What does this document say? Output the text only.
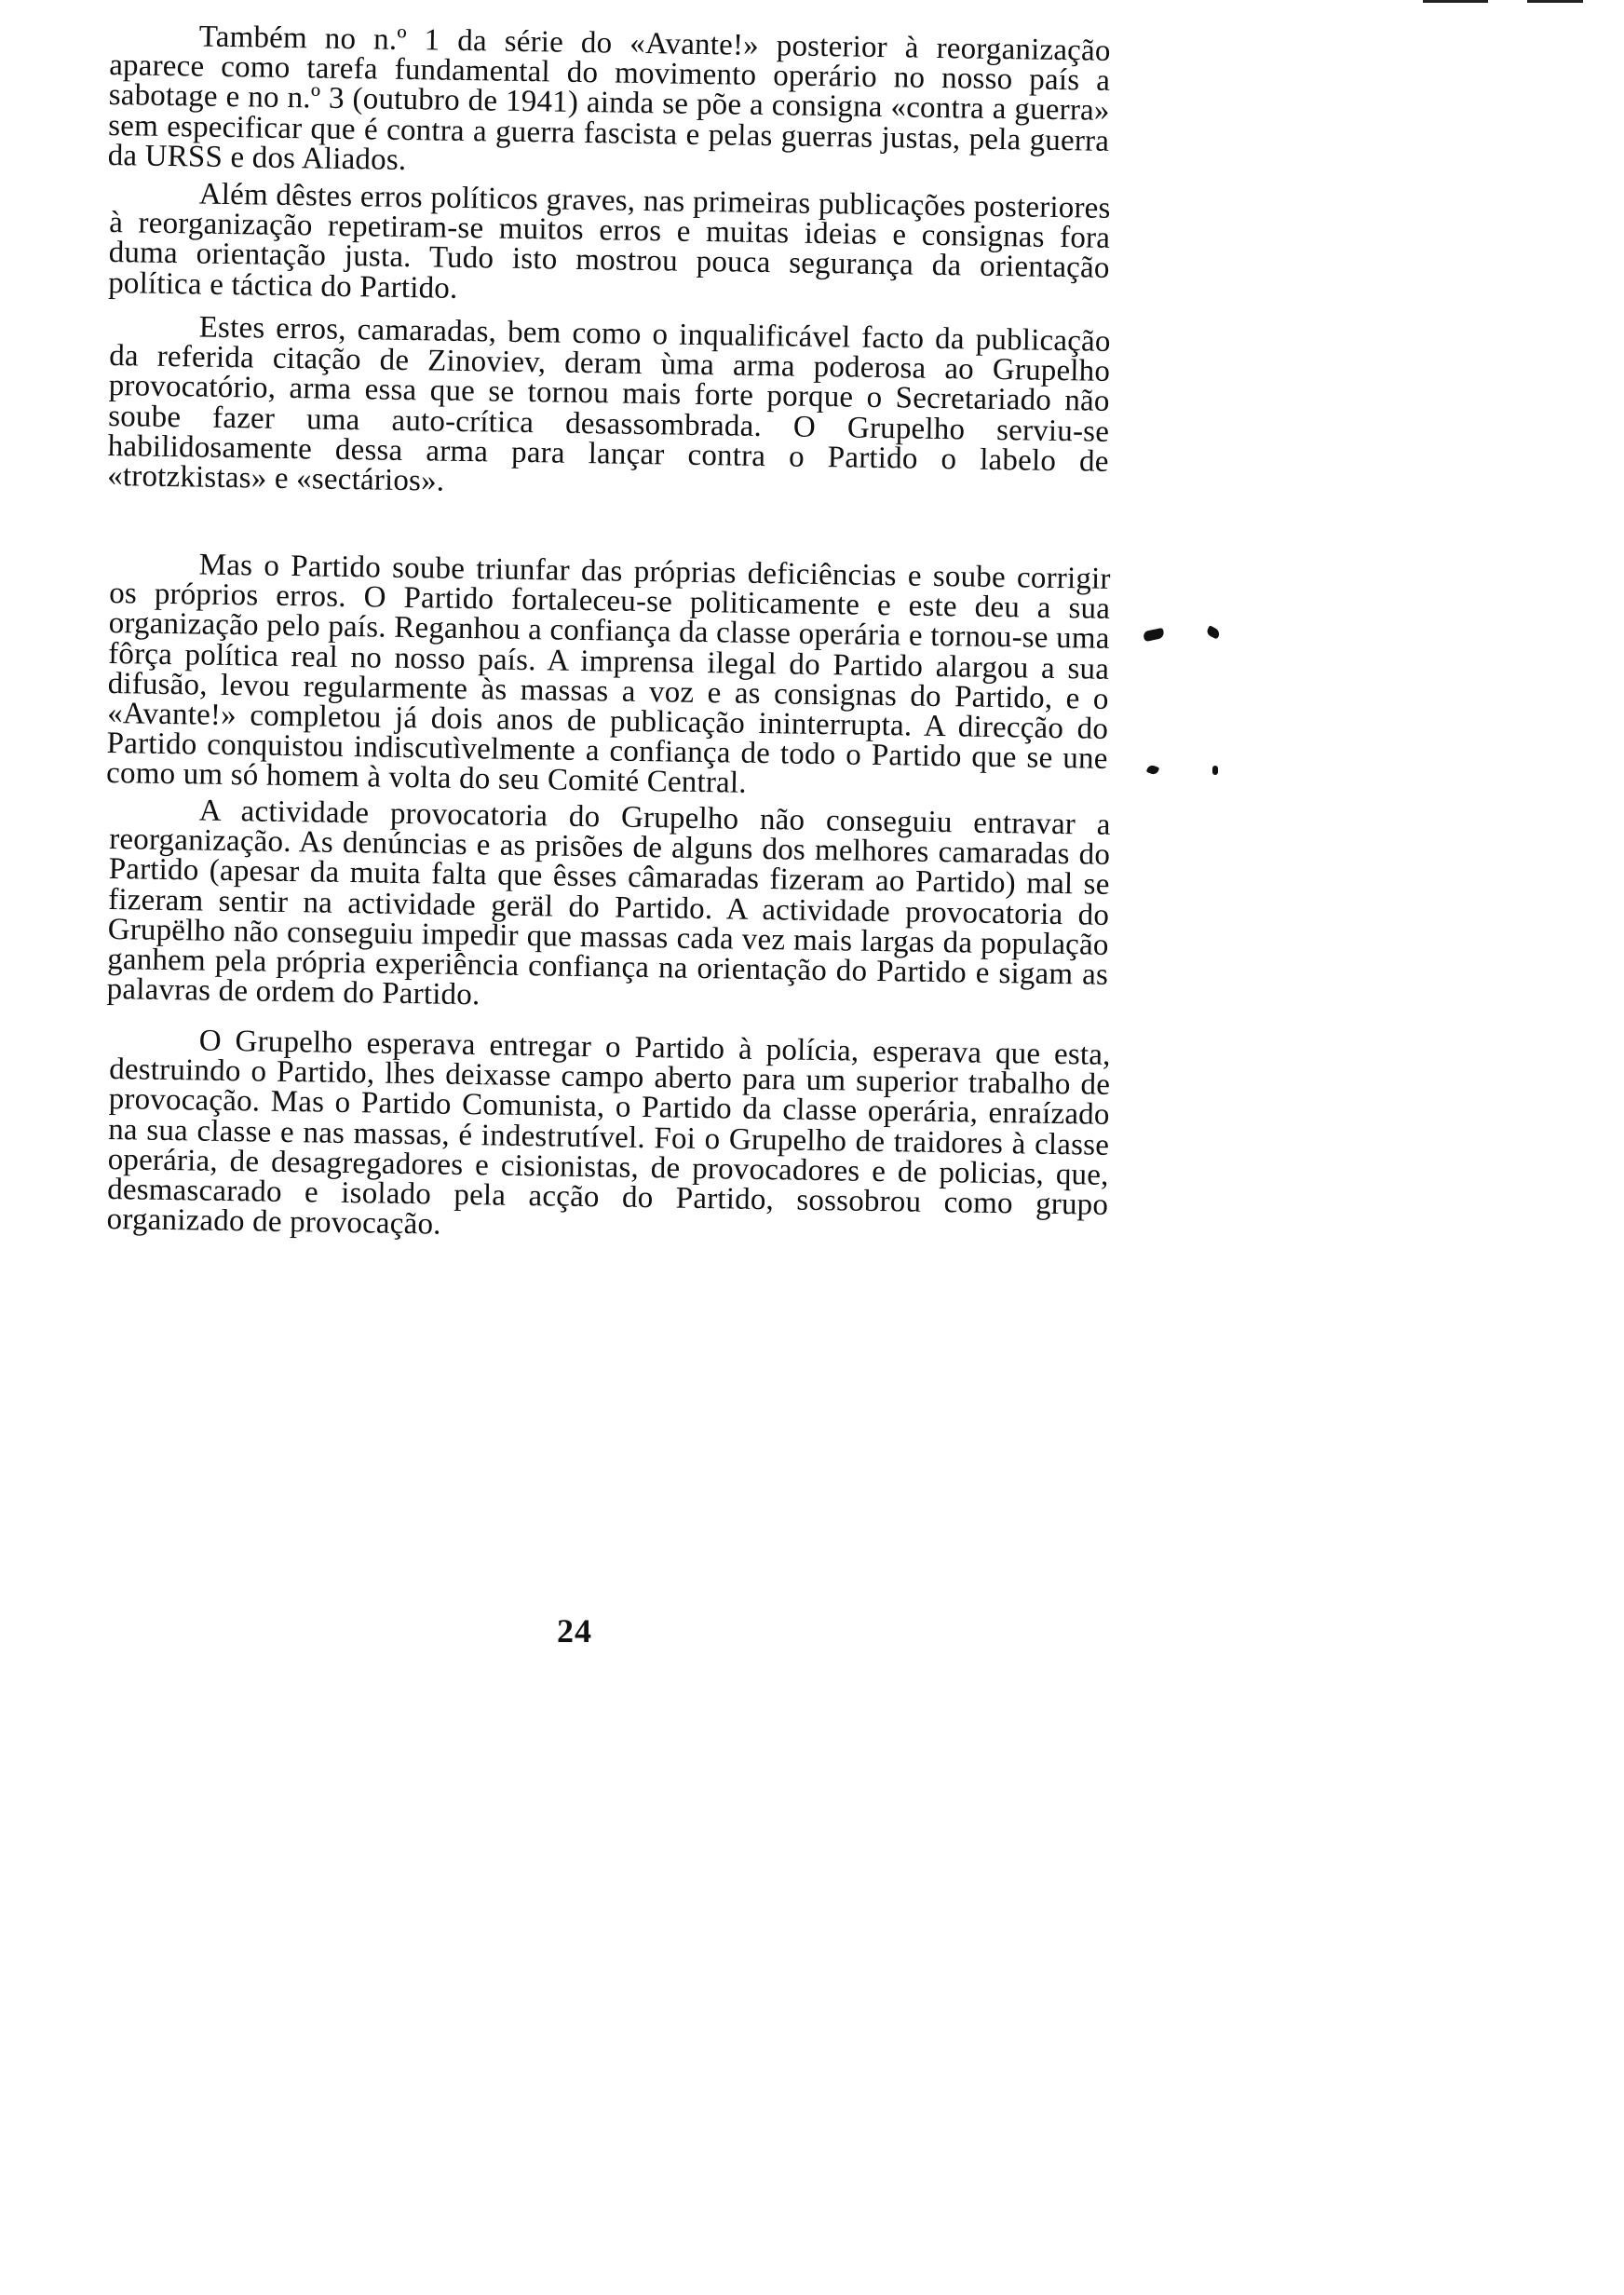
Também no n.º 1 da série do «Avante!» posterior à reorganização aparece como tarefa fundamental do movimento operário no nosso país a sabotage e no n.º 3 (outubro de 1941) ainda se põe a consigna «contra a guerra» sem especificar que é contra a guerra fascista e pelas guerras justas, pela guerra da URSS e dos Aliados.

Além dêstes erros políticos graves, nas primeiras publicações posteriores à reorganização repetiram-se muitos erros e muitas ideias e consignas fora duma orientação justa. Tudo isto mostrou pouca segurança da orientação política e táctica do Partido.

Estes erros, camaradas, bem como o inqualificável facto da publicação da referida citação de Zinoviev, deram ùma arma poderosa ao Grupelho provocatório, arma essa que se tornou mais forte porque o Secretariado não soube fazer uma auto-crítica desassombrada. O Grupelho serviu-se habilidosamente dessa arma para lançar contra o Partido o labelo de «trotzkistas» e «sectários».

Mas o Partido soube triunfar das próprias deficiências e soube corrigir os próprios erros. O Partido fortaleceu-se politicamente e este deu a sua organização pelo país. Reganhou a confiança da classe operária e tornou-se uma fôrça política real no nosso país. A imprensa ilegal do Partido alargou a sua difusão, levou regularmente às massas a voz e as consignas do Partido, e o «Avante!» completou já dois anos de publicação ininterrupta. A direcção do Partido conquistou indiscutìvelmente a confiança de todo o Partido que se une como um só homem à volta do seu Comité Central.

A actividade provocatoria do Grupelho não conseguiu entravar a reorganização. As denúncias e as prisões de alguns dos melhores camaradas do Partido (apesar da muita falta que êsses câmaradas fizeram ao Partido) mal se fizeram sentir na actividade geräl do Partido. A actividade provocatoria do Grupëlho não conseguiu impedir que massas cada vez mais largas da população ganhem pela própria experiência confiança na orientação do Partido e sigam as palavras de ordem do Partido.

O Grupelho esperava entregar o Partido à polícia, esperava que esta, destruindo o Partido, lhes deixasse campo aberto para um superior trabalho de provocação. Mas o Partido Comunista, o Partido da classe operária, enraízado na sua classe e nas massas, é indestrutível. Foi o Grupelho de traidores à classe operária, de desagregadores e cisionistas, de provocadores e de policias, que, desmascarado e isolado pela acção do Partido, sossobrou como grupo organizado de provocação.

24
